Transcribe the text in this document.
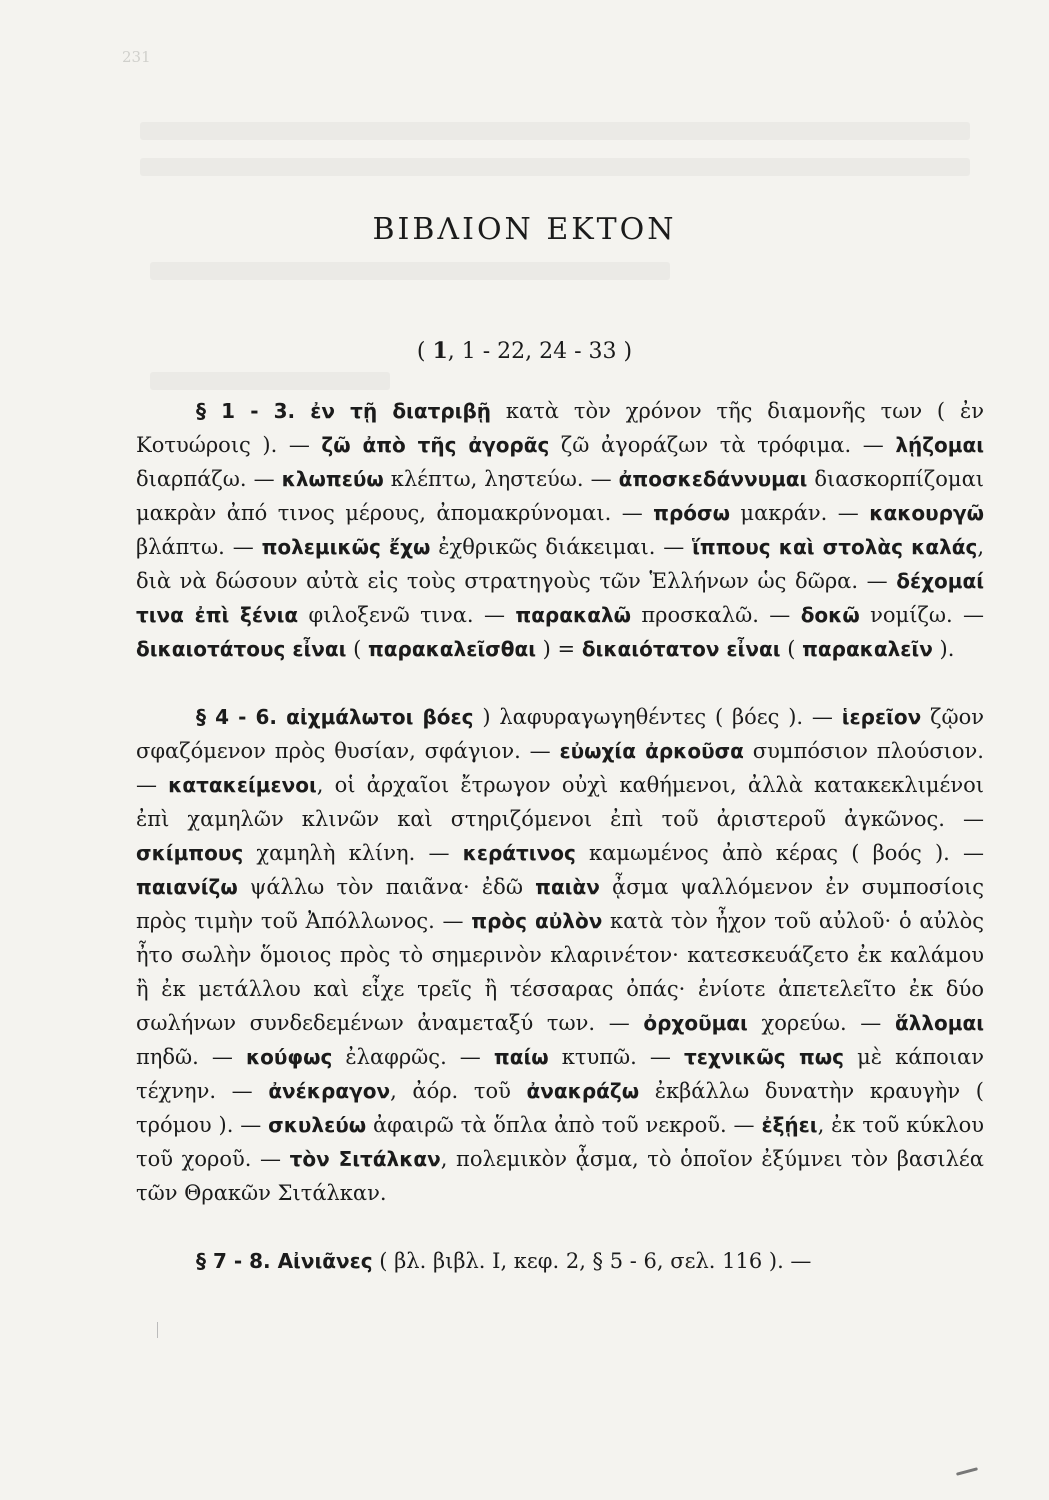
231
ΒΙΒΛΙΟΝ ΕΚΤΟΝ
( 1, 1 - 22, 24 - 33 )

§ 1 - 3. ἐν τῇ διατριβῇ κατὰ τὸν χρόνον τῆς διαμονῆς των ( ἐν Κοτυώροις ). — ζῶ ἀπὸ τῆς ἀγορᾶς ζῶ ἀγοράζων τὰ τρόφιμα. — λῄζομαι διαρπάζω. — κλωπεύω κλέπτω, ληστεύω. — ἀποσκεδάννυμαι διασκορπίζομαι μακρὰν ἀπό τινος μέρους, ἀπομακρύνομαι. — πρόσω μακράν. — κακουργῶ βλάπτω. — πολεμικῶς ἔχω ἐχθρικῶς διάκειμαι. — ἵππους καὶ στολὰς καλάς, διὰ νὰ δώσουν αὐτὰ εἰς τοὺς στρατηγοὺς τῶν Ἑλλήνων ὡς δῶρα. — δέχομαί τινα ἐπὶ ξένια φιλοξενῶ τινα. — παρακαλῶ προσκαλῶ. — δοκῶ νομίζω. — δικαιοτάτους εἶναι ( παρακαλεῖσθαι ) = δικαιότατον εἶναι ( παρακαλεῖν ).

§ 4 - 6. αἰχμάλωτοι βόες ) λαφυραγωγηθέντες ( βόες ). — ἱερεῖον ζῷον σφαζόμενον πρὸς θυσίαν, σφάγιον. — εὐωχία ἀρκοῦσα συμπόσιον πλούσιον. — κατακείμενοι, οἱ ἀρχαῖοι ἔτρωγον οὐχὶ καθήμενοι, ἀλλὰ κατακεκλιμένοι ἐπὶ χαμηλῶν κλινῶν καὶ στηριζόμενοι ἐπὶ τοῦ ἀριστεροῦ ἀγκῶνος. — σκίμπους χαμηλὴ κλίνη. — κεράτινος καμωμένος ἀπὸ κέρας ( βοός ). — παιανίζω ψάλλω τὸν παιᾶνα· ἐδῶ παιὰν ᾆσμα ψαλλόμενον ἐν συμποσίοις πρὸς τιμὴν τοῦ Ἀπόλλωνος. — πρὸς αὐλὸν κατὰ τὸν ἦχον τοῦ αὐλοῦ· ὁ αὐλὸς ἦτο σωλὴν ὅμοιος πρὸς τὸ σημερινὸν κλαρινέτον· κατεσκευάζετο ἐκ καλάμου ἢ ἐκ μετάλλου καὶ εἶχε τρεῖς ἢ τέσσαρας ὀπάς· ἐνίοτε ἀπετελεῖτο ἐκ δύο σωλήνων συνδεδεμένων ἀναμεταξύ των. — ὀρχοῦμαι χορεύω. — ἅλλομαι πηδῶ. — κούφως ἐλαφρῶς. — παίω κτυπῶ. — τεχνικῶς πως μὲ κάποιαν τέχνην. — ἀνέκραγον, ἀόρ. τοῦ ἀνακράζω ἐκβάλλω δυνατὴν κραυγὴν ( τρόμου ). — σκυλεύω ἀφαιρῶ τὰ ὅπλα ἀπὸ τοῦ νεκροῦ. — ἐξῄει, ἐκ τοῦ κύκλου τοῦ χοροῦ. — τὸν Σιτάλκαν, πολεμικὸν ᾆσμα, τὸ ὁποῖον ἐξύμνει τὸν βασιλέα τῶν Θρακῶν Σιτάλκαν.

§ 7 - 8. Αἰνιᾶνες ( βλ. βιβλ. Ι, κεφ. 2, § 5 - 6, σελ. 116 ). —
